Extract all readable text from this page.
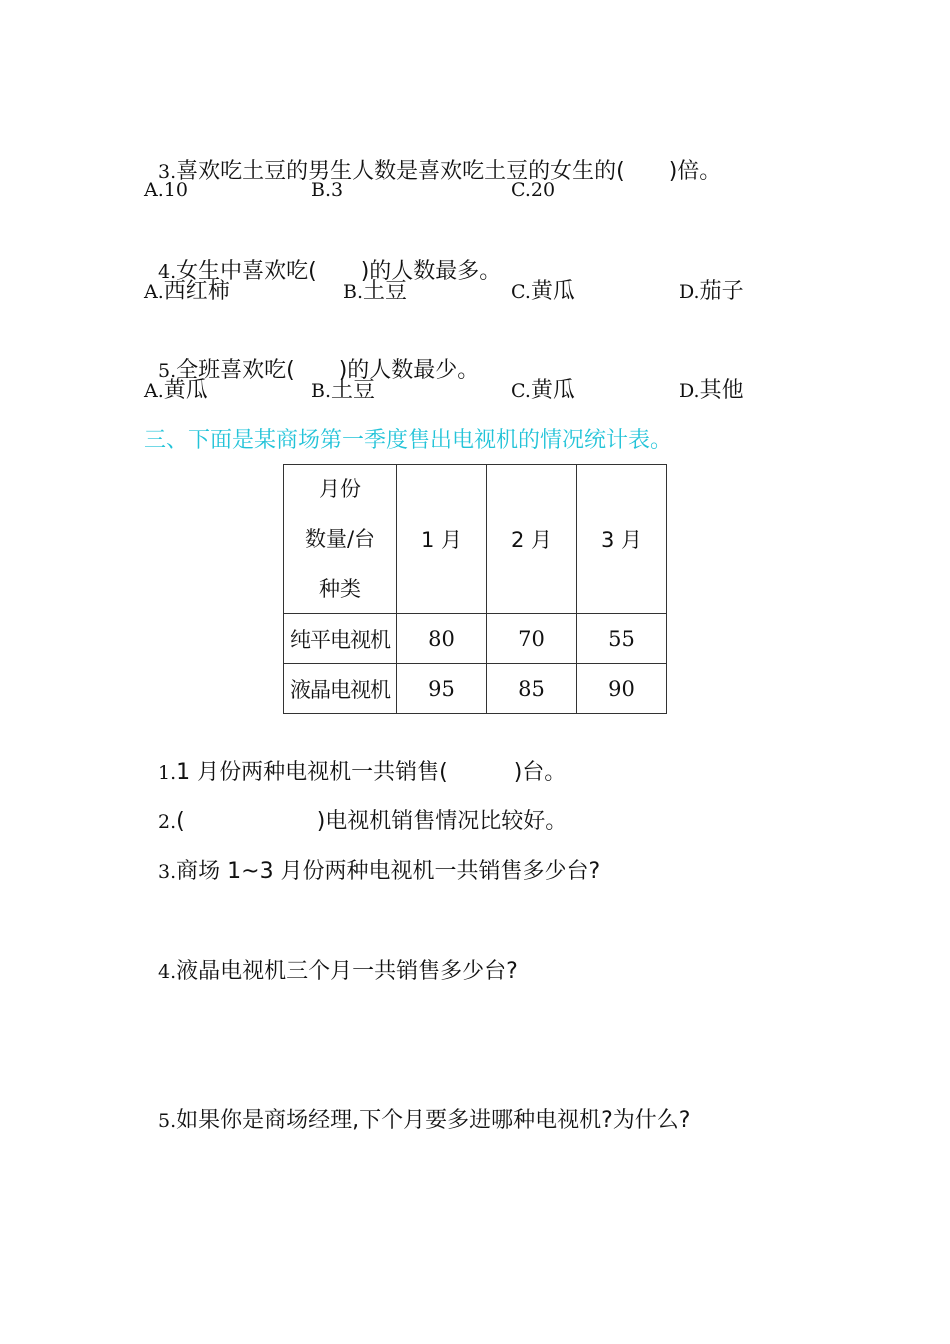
3.喜欢吃土豆的男生人数是喜欢吃土豆的女生的(　　)倍。

A.10	B.3	C.20

4.女生中喜欢吃(　　)的人数最多。

A.西红柿	B.土豆	C.黄瓜	D.茄子

5.全班喜欢吃(　　)的人数最少。

A.黄瓜	B.土豆	C.黄瓜	D.其他
三、下面是某商场第一季度售出电视机的情况统计表。
月份
数量/台
种类	1 月	2 月	3 月
纯平电视机	80	70	55
液晶电视机	95	85	90

1.1 月份两种电视机一共销售(　　　)台。

2.(　　　　　　)电视机销售情况比较好。

3.商场 1~3 月份两种电视机一共销售多少台?

4.液晶电视机三个月一共销售多少台?

5.如果你是商场经理,下个月要多进哪种电视机?为什么?
